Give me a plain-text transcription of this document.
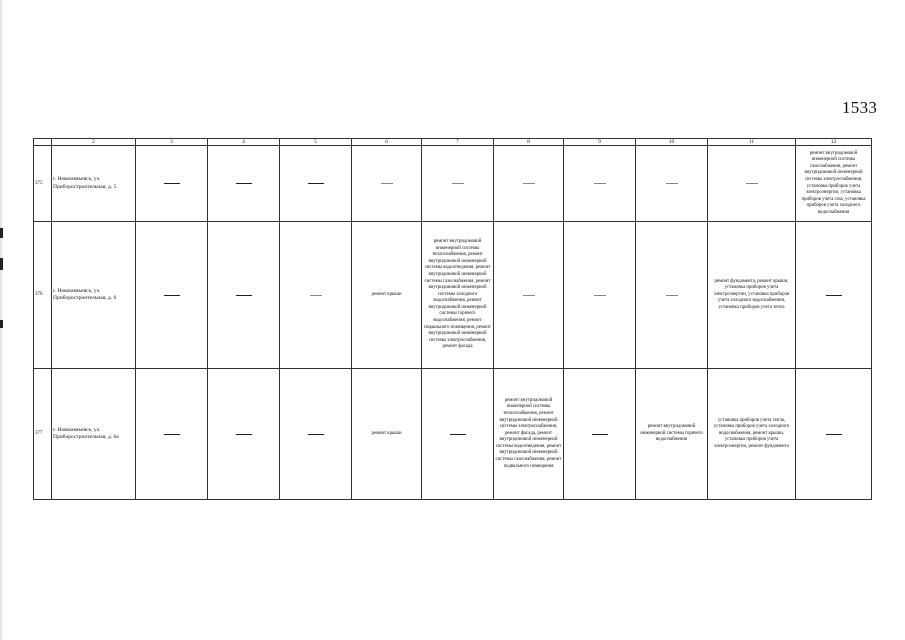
1533
	2	3	4	5	6	7	8	9	10	11	12
375	г. Новокимьевск, ул. Приборостроительная, д. 5										ремонт внутридомовой инженерной системы газоснабжения, ремонт внутридомовой инженерной системы электроснабжения, установка приборов учета электроэнергии, установка приборов учета газа, установка приборов учета холодного водоснабжения
376	г. Новокимьевск, ул. Приборостроительная, д. 6				ремонт крыши	ремонт внутридомовой инженерной системы теплоснабжения, ремонт внутридомовой инженерной системы водоотведения, ремонт внутридомовой инженерной системы газоснабжения, ремонт внутридомовой инженерной системы холодного водоснабжения, ремонт внутридомовой инженерной системы горячего водоснабжения, ремонт подвального помещения, ремонт внутридомовой инженерной системы электроснабжения, ремонт фасада				ремонт фундамента, ремонт крыши, установка приборов учета электроэнергии, установка приборов учета холодного водоснабжения, установка приборов учета тепла	
377	г. Новокимьевск, ул. Приборостроительная, д. 6а				ремонт крыши		ремонт внутридомовой инженерной системы теплоснабжения, ремонт внутридомовой инженерной системы электроснабжения, ремонт фасада, ремонт внутридомовой инженерной системы водоотведения, ремонт внутридомовой инженерной системы газоснабжения, ремонт подвального помещения		ремонт внутридомовой инженерной системы горячего водоснабжения	установка приборов учета тепла, установка приборов учета холодного водоснабжения, ремонт крыши, установка приборов учета электроэнергии, ремонт фундамента	
